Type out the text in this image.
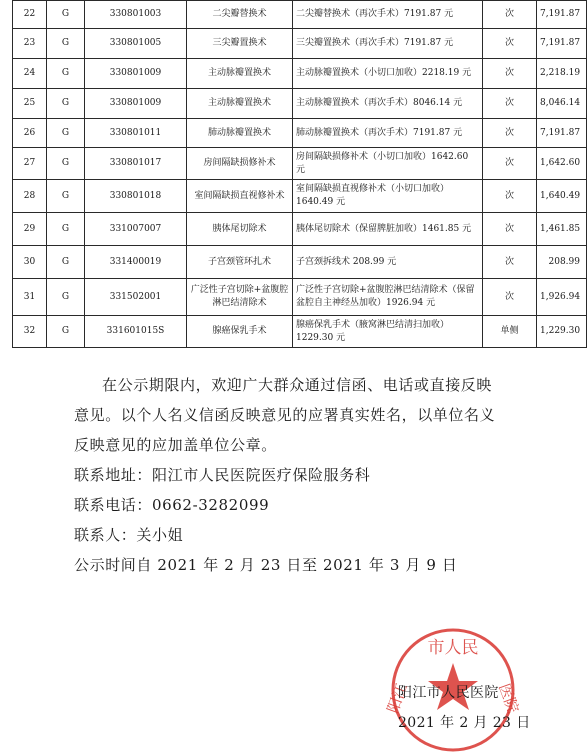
22	G	330801003	二尖瓣替换术	二尖瓣替换术（再次手术）7191.87 元	次	7,191.87
23	G	330801005	三尖瓣置换术	三尖瓣置换术（再次手术）7191.87 元	次	7,191.87
24	G	330801009	主动脉瓣置换术	主动脉瓣置换术（小切口加收）2218.19 元	次	2,218.19
25	G	330801009	主动脉瓣置换术	主动脉瓣置换术（再次手术）8046.14 元	次	8,046.14
26	G	330801011	肺动脉瓣置换术	肺动脉瓣置换术（再次手术）7191.87 元	次	7,191.87
27	G	330801017	房间隔缺损修补术	房间隔缺损修补术（小切口加收）1642.60 元	次	1,642.60
28	G	330801018	室间隔缺损直视修补术	室间隔缺损直视修补术（小切口加收）1640.49 元	次	1,640.49
29	G	331007007	胰体尾切除术	胰体尾切除术（保留脾脏加收）1461.85 元	次	1,461.85
30	G	331400019	子宫颈管环扎术	子宫颈拆线术 208.99 元	次	208.99
31	G	331502001	广泛性子宫切除+盆腹腔淋巴结清除术	广泛性子宫切除+盆腹腔淋巴结清除术（保留盆腔自主神经丛加收）1926.94 元	次	1,926.94
32	G	331601015S	腺癌保乳手术	腺癌保乳手术（腋窝淋巴结清扫加收）1229.30 元	单侧	1,229.30

在公示期限内，欢迎广大群众通过信函、电话或直接反映

意见。以个人名义信函反映意见的应署真实姓名，以单位名义

反映意见的应加盖单位公章。

联系地址：阳江市人民医院医疗保险服务科

联系电话：0662-3282099

联系人：关小姐

公示时间自 2021 年 2 月 23 日至 2021 年 3 月 9 日

市人民
阳江	医院
阳江市人民医院
2021 年 2 月 23 日
